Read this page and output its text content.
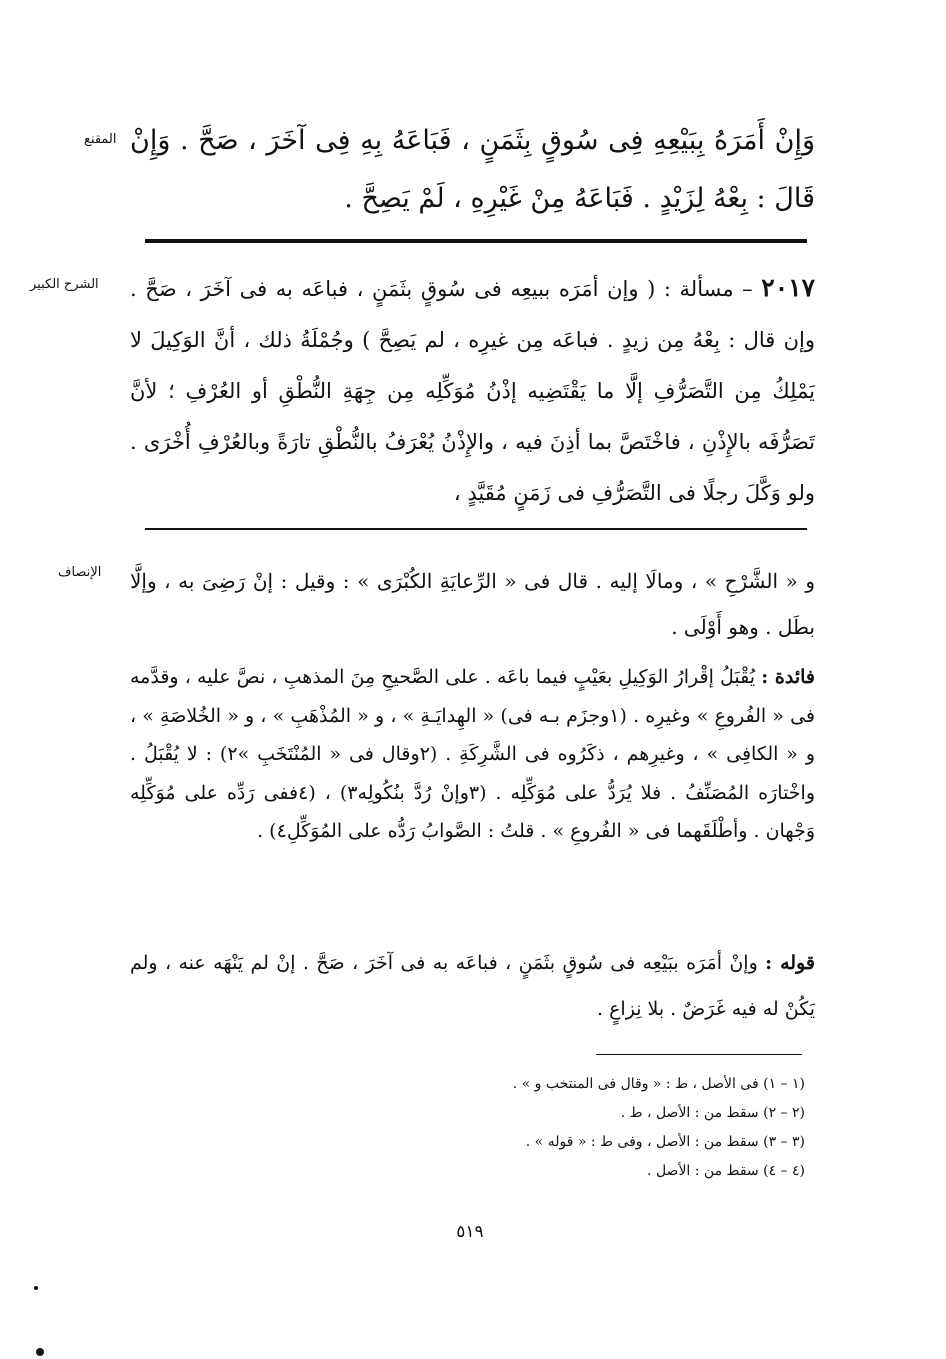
المقنع وَإِنْ أَمَرَهُ بِبَيْعِهِ فِى سُوقٍ بِثَمَنٍ ، فَبَاعَهُ بِهِ فِى آخَرَ ، صَحَّ . وَإِنْ قَالَ : بِعْهُ لِزَيْدٍ . فَبَاعَهُ مِنْ غَيْرِهِ ، لَمْ يَصِحَّ .
الشرح الكبير	٢٠١٧ – مسألة : ( وإن أمَرَه ببيعِه فى سُوقٍ بثَمَنٍ ، فباعَه به فى آخَرَ ، صَحَّ . وإن قال : بِعْهُ مِن زيدٍ . فباعَه مِن غيرِه ، لم يَصِحَّ ) وجُمْلَةُ ذلك ، أنَّ الوَكِيلَ لا يَمْلِكُ مِن التَّصَرُّفِ إلَّا ما يَقْتَضِيه إذْنُ مُوَكِّلِه مِن جِهَةِ النُّطْقِ أو العُرْفِ ؛ لأنَّ تَصَرُّفَه بالإِذْنِ ، فاخْتَصَّ بما أذِنَ فيه ، والإِذْنُ يُعْرَفُ بالنُّطْقِ تارَةً وبالعُرْفِ أُخْرَى . ولو وَكَّلَ رجلًا فى التَّصَرُّفِ فى زَمَنٍ مُقَيَّدٍ ،
الإنصاف و « الشَّرْحِ » ، ومالَا إليه . قال فى « الرِّعايَةِ الكُبْرَى » : وقيل : إنْ رَضِىَ به ، وإلَّا بطَل . وهو أَوْلَى .
فائدة : يُقْبَلُ إقْرارُ الوَكِيلِ بعَيْبٍ فيما باعَه . على الصَّحيحِ مِنَ المذهبِ ، نصَّ عليه ، وقدَّمه فى « الفُروعِ » وغيرِه . (١وجزَم بـه فى) « الهِدايَـةِ » ، و « المُذْهَبِ » ، و « الخُلاصَةِ » ، و « الكافِى » ، وغيرِهم ، ذكَرُوه فى الشَّرِكَةِ . (٢وقال فى « المُنْتَخَبِ »٢) : لا يُقْبَلُ . واخْتارَه المُصَنِّفُ . فلا يُرَدُّ على مُوَكِّلِه . (٣وإنْ رُدَّ بنُكُولِه٣) ، (٤ففى رَدِّه على مُوَكِّلِه وَجْهان . وأطْلَقَهما فى « الفُروعِ » . قلتُ : الصَّوابُ رَدُّه على المُوَكِّلِ٤) .
قوله : وإنْ أمَرَه ببَيْعِه فى سُوقٍ بثَمَنٍ ، فباعَه به فى آخَرَ ، صَحَّ . إنْ لم يَنْهَه عنه ، ولم يَكُنْ له فيه غَرَضٌ . بلا نِزاعٍ .
(١ – ١) فى الأصل ، ط : « وقال فى المنتخب و » .
(٢ – ٢) سقط من : الأصل ، ط .
(٣ – ٣) سقط من : الأصل ، وفى ط : « قوله » .
(٤ – ٤) سقط من : الأصل .
٥١٩
